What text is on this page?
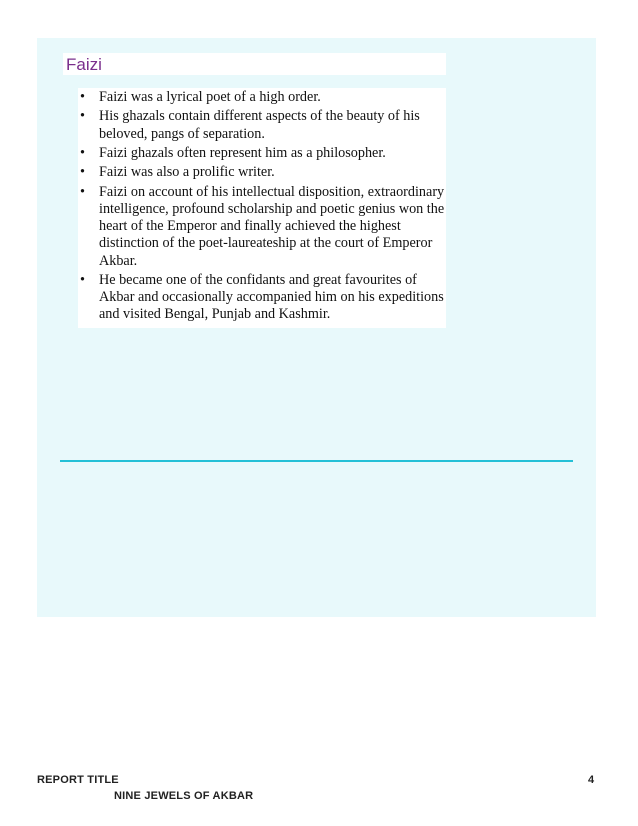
Faizi
• Faizi was a lyrical poet of a high order.
• His ghazals contain different aspects of the beauty of his beloved, pangs of separation.
• Faizi ghazals often represent him as a philosopher.
• Faizi was also a prolific writer.
• Faizi on account of his intellectual disposition, extraordinary intelligence, profound scholarship and poetic genius won the heart of the Emperor and finally achieved the highest distinction of the poet-laureateship at the court of Emperor Akbar.
• He became one of the confidants and great favourites of Akbar and occasionally accompanied him on his expeditions and visited Bengal, Punjab and Kashmir.
REPORT TITLE
NINE JEWELS OF AKBAR
4
